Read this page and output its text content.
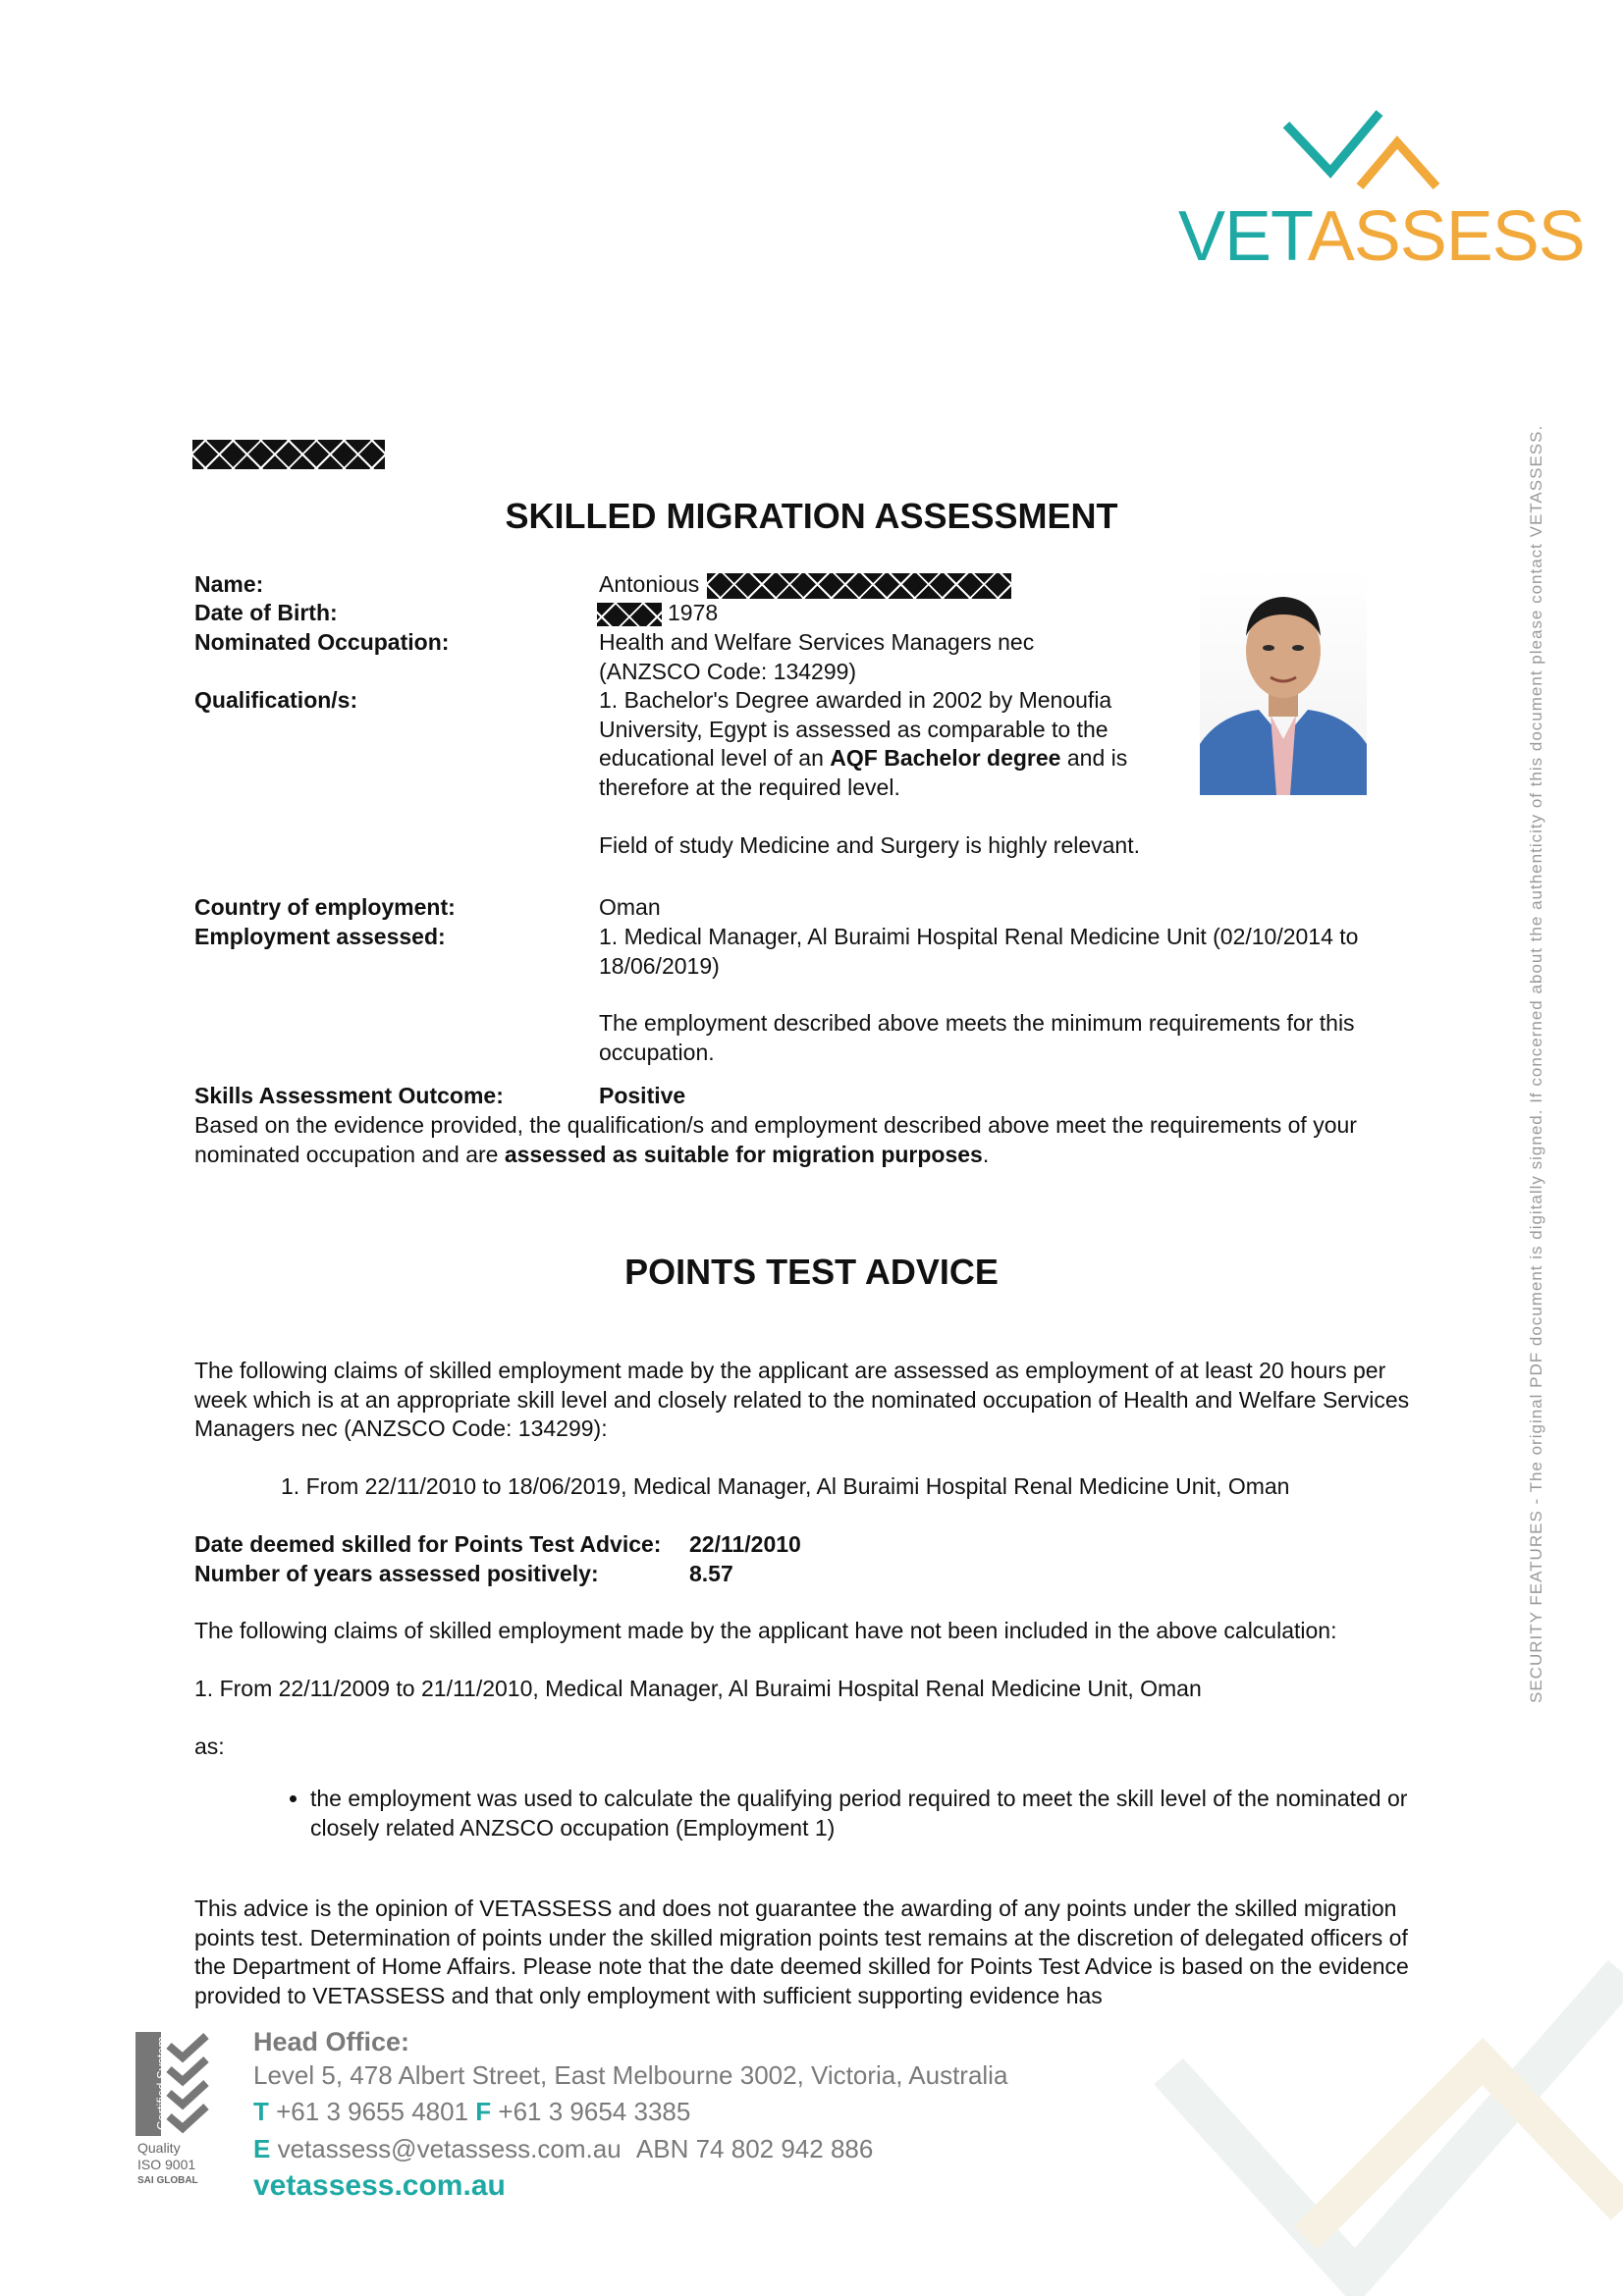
VETASSESS
SKILLED MIGRATION ASSESSMENT
Name:
Date of Birth:
Nominated Occupation:
Qualification/s:
Antonious
1978
Health and Welfare Services Managers nec
(ANZSCO Code: 134299)
1. Bachelor's Degree awarded in 2002 by Menoufia University, Egypt is assessed as comparable to the educational level of an AQF Bachelor degree and is therefore at the required level.
Field of study Medicine and Surgery is highly relevant.
Country of employment:
Employment assessed:
Oman
1. Medical Manager, Al Buraimi Hospital Renal Medicine Unit (02/10/2014 to 18/06/2019)
The employment described above meets the minimum requirements for this occupation.
Skills Assessment Outcome:	Positive
Based on the evidence provided, the qualification/s and employment described above meet the requirements of your nominated occupation and are assessed as suitable for migration purposes.
POINTS TEST ADVICE
The following claims of skilled employment made by the applicant are assessed as employment of at least 20 hours per week which is at an appropriate skill level and closely related to the nominated occupation of Health and Welfare Services Managers nec (ANZSCO Code: 134299):
1. From 22/11/2010 to 18/06/2019, Medical Manager, Al Buraimi Hospital Renal Medicine Unit, Oman
Date deemed skilled for Points Test Advice: 22/11/2010
Number of years assessed positively:	8.57
The following claims of skilled employment made by the applicant have not been included in the above calculation:
1. From 22/11/2009 to 21/11/2010, Medical Manager, Al Buraimi Hospital Renal Medicine Unit, Oman
as:
• the employment was used to calculate the qualifying period required to meet the skill level of the nominated or closely related ANZSCO occupation (Employment 1)
This advice is the opinion of VETASSESS and does not guarantee the awarding of any points under the skilled migration points test. Determination of points under the skilled migration points test remains at the discretion of delegated officers of the Department of Home Affairs. Please note that the date deemed skilled for Points Test Advice is based on the evidence provided to VETASSESS and that only employment with sufficient supporting evidence has
SECURITY FEATURES - The original PDF document is digitally signed. If concerned about the authenticity of this document please contact VETASSESS.
Certified System
Quality
ISO 9001
SAI GLOBAL
Head Office:
Level 5, 478 Albert Street, East Melbourne 3002, Victoria, Australia
T +61 3 9655 4801 F +61 3 9654 3385
E vetassess@vetassess.com.au ABN 74 802 942 886
vetassess.com.au
